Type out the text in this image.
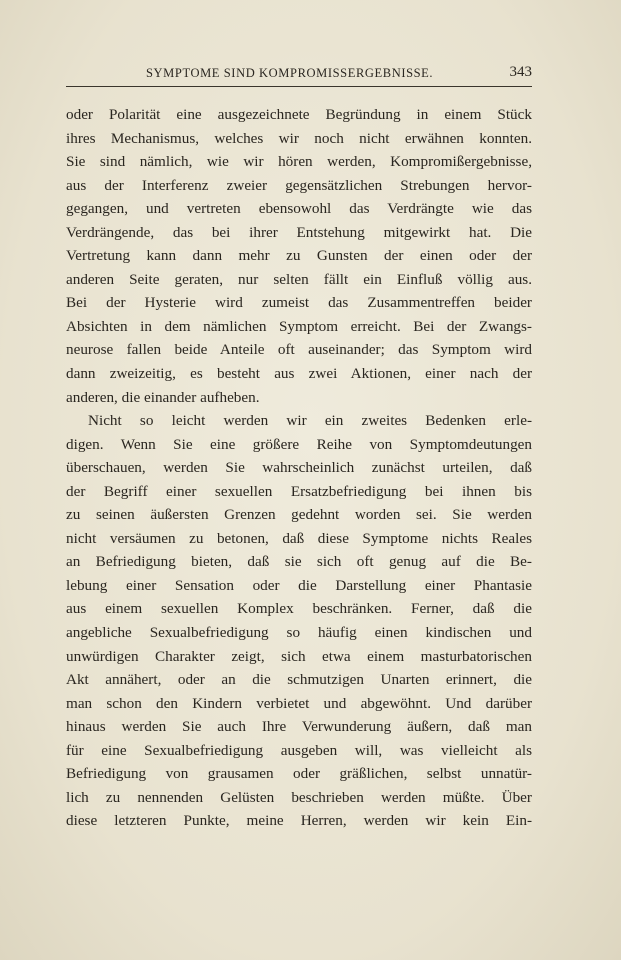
SYMPTOME SIND KOMPROMISSERGEBNISSE.	343
oder Polarität eine ausgezeichnete Begründung in einem Stück
ihres Mechanismus, welches wir noch nicht erwähnen konnten.
Sie sind nämlich, wie wir hören werden, Kompromißergebnisse,
aus der Interferenz zweier gegensätzlichen Strebungen hervor-
gegangen, und vertreten ebensowohl das Verdrängte wie das
Verdrängende, das bei ihrer Entstehung mitgewirkt hat. Die
Vertretung kann dann mehr zu Gunsten der einen oder der
anderen Seite geraten, nur selten fällt ein Einfluß völlig aus.
Bei der Hysterie wird zumeist das Zusammentreffen beider
Absichten in dem nämlichen Symptom erreicht. Bei der Zwangs-
neurose fallen beide Anteile oft auseinander; das Symptom wird
dann zweizeitig, es besteht aus zwei Aktionen, einer nach der
anderen, die einander aufheben.
Nicht so leicht werden wir ein zweites Bedenken erle-
digen. Wenn Sie eine größere Reihe von Symptomdeutungen
überschauen, werden Sie wahrscheinlich zunächst urteilen, daß
der Begriff einer sexuellen Ersatzbefriedigung bei ihnen bis
zu seinen äußersten Grenzen gedehnt worden sei. Sie werden
nicht versäumen zu betonen, daß diese Symptome nichts Reales
an Befriedigung bieten, daß sie sich oft genug auf die Be-
lebung einer Sensation oder die Darstellung einer Phantasie
aus einem sexuellen Komplex beschränken. Ferner, daß die
angebliche Sexualbefriedigung so häufig einen kindischen und
unwürdigen Charakter zeigt, sich etwa einem masturbatorischen
Akt annähert, oder an die schmutzigen Unarten erinnert, die
man schon den Kindern verbietet und abgewöhnt. Und darüber
hinaus werden Sie auch Ihre Verwunderung äußern, daß man
für eine Sexualbefriedigung ausgeben will, was vielleicht als
Befriedigung von grausamen oder gräßlichen, selbst unnatür-
lich zu nennenden Gelüsten beschrieben werden müßte. Über
diese letzteren Punkte, meine Herren, werden wir kein Ein-
